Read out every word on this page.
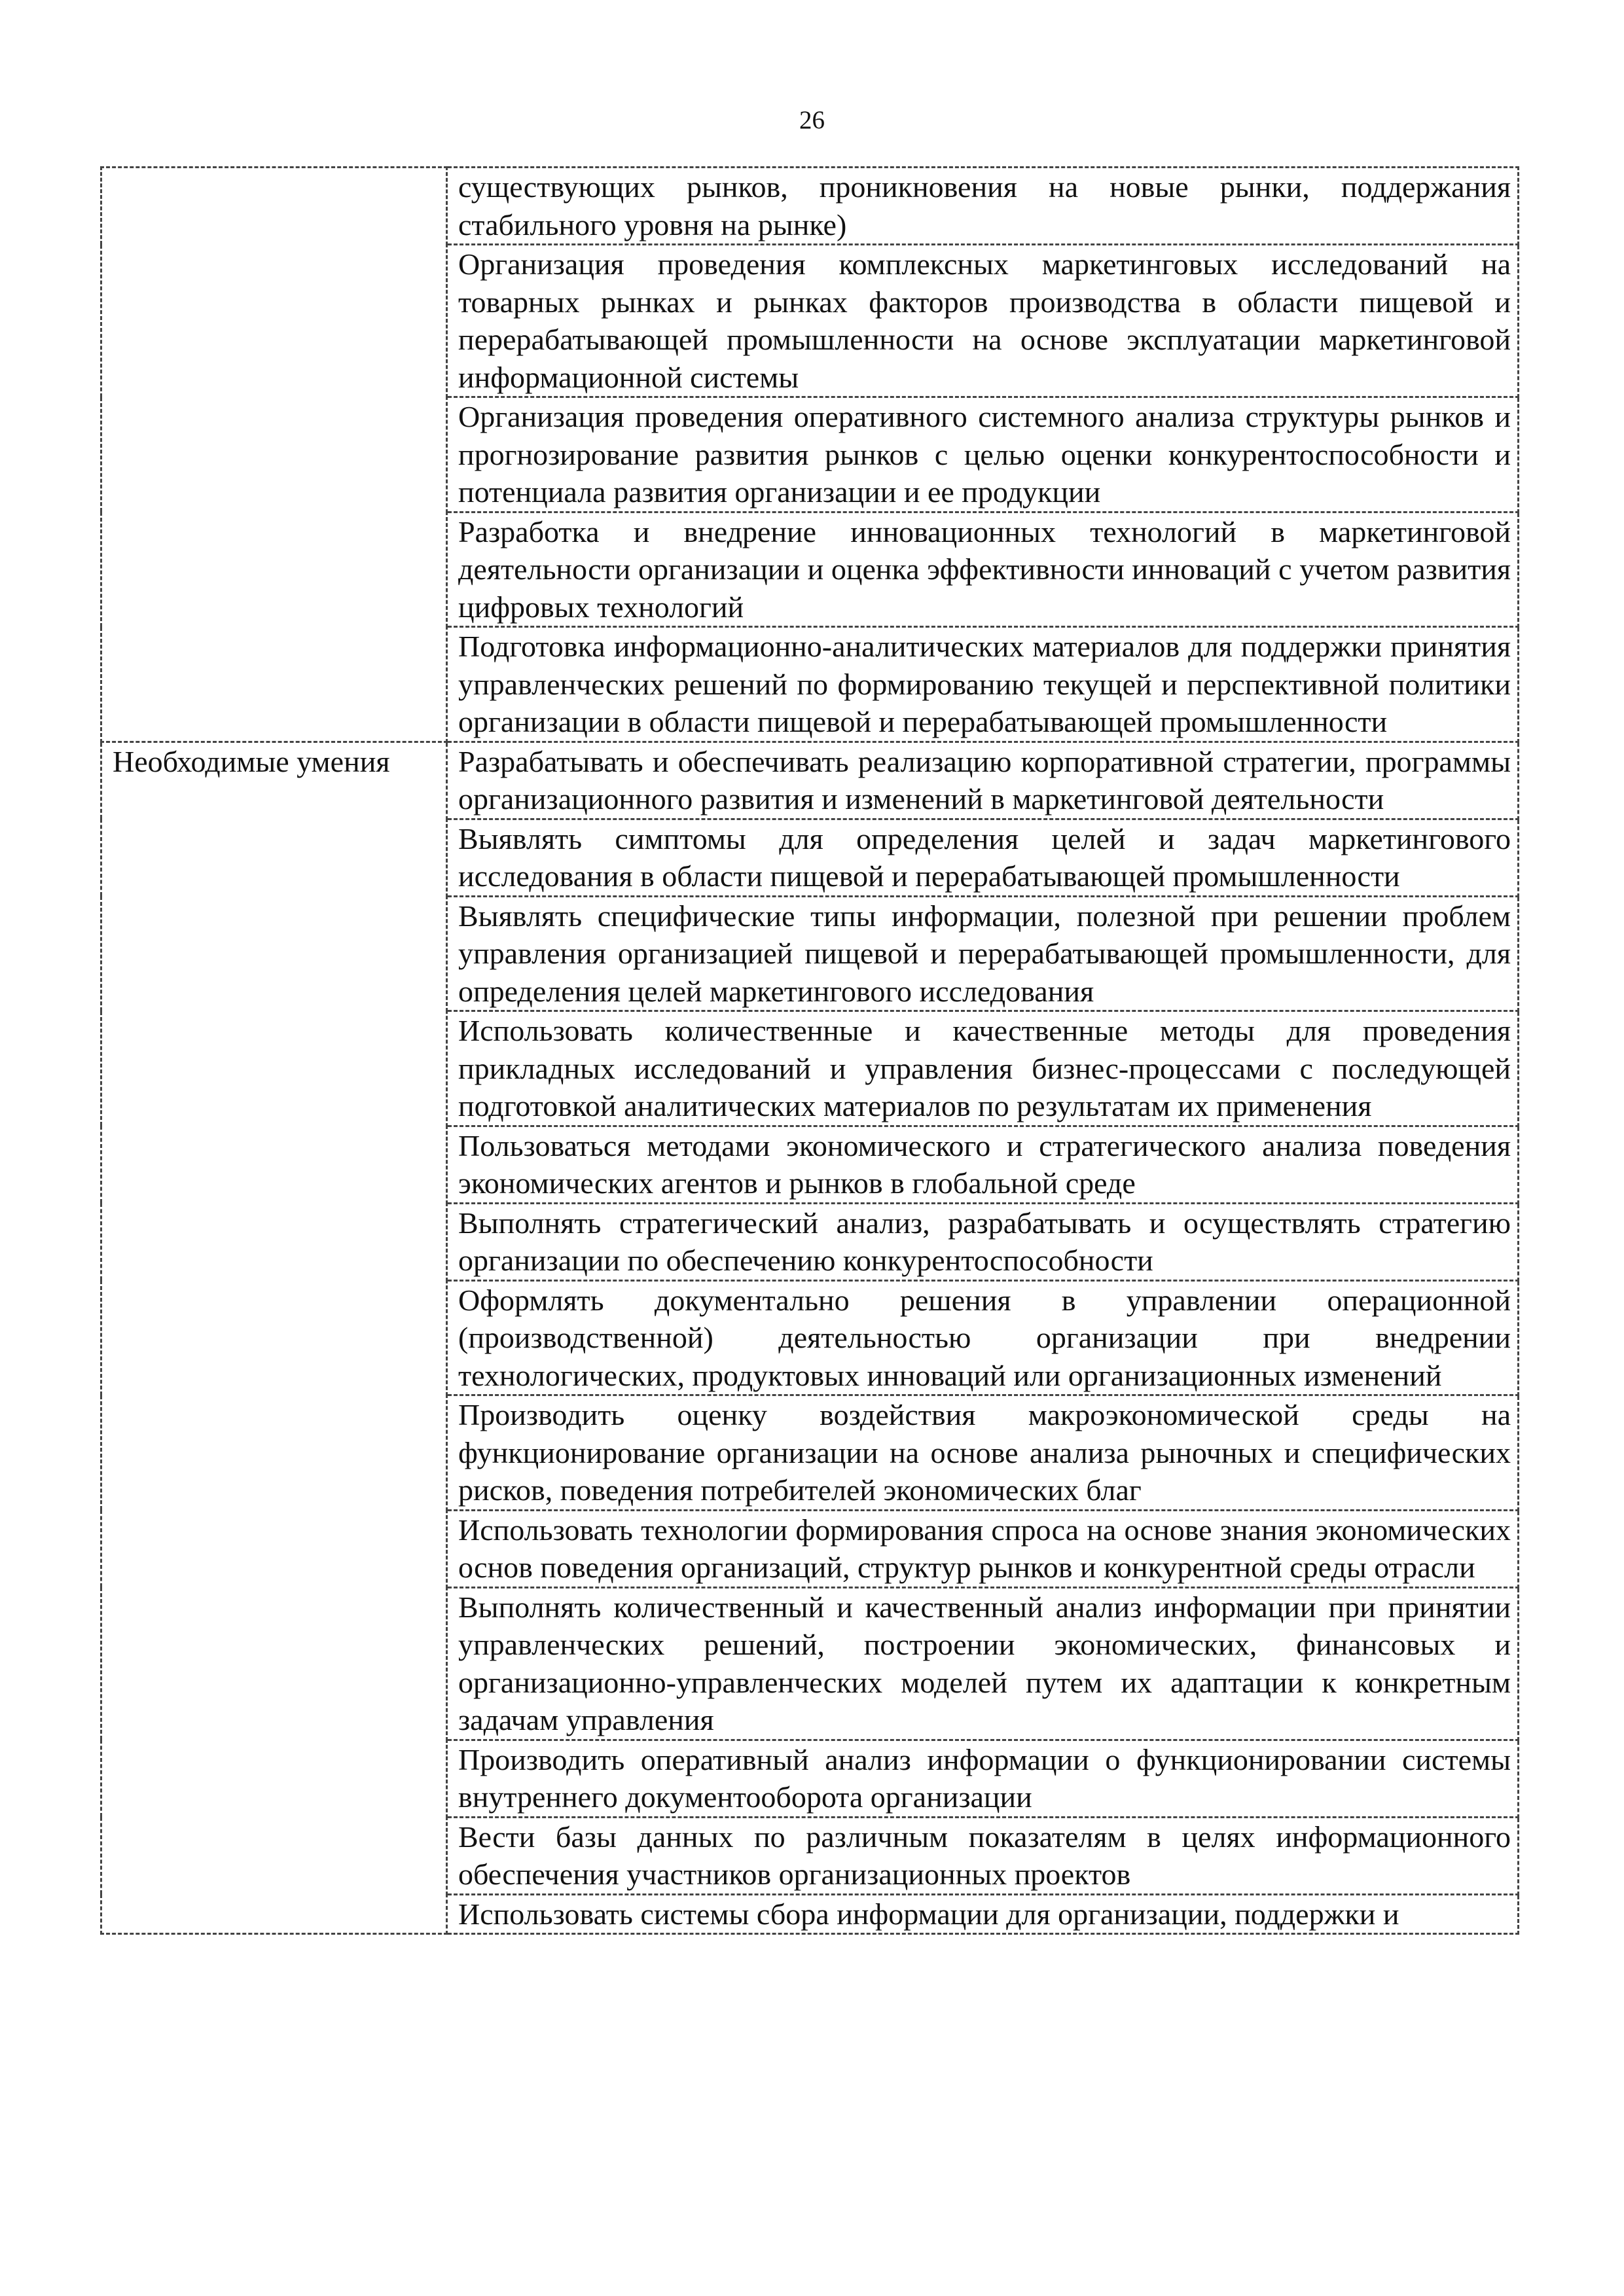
26
	существующих рынков, проникновения на новые рынки, поддержания стабильного уровня на рынке)
	Организация проведения комплексных маркетинговых исследований на товарных рынках и рынках факторов производства в области пищевой и перерабатывающей промышленности на основе эксплуатации маркетинговой информационной системы
	Организация проведения оперативного системного анализа структуры рынков и прогнозирование развития рынков с целью оценки конкурентоспособности и потенциала развития организации и ее продукции
	Разработка и внедрение инновационных технологий в маркетинговой деятельности организации и оценка эффективности инноваций с учетом развития цифровых технологий
	Подготовка информационно-аналитических материалов для поддержки принятия управленческих решений по формированию текущей и перспективной политики организации в области пищевой и перерабатывающей промышленности

Необходимые умения	Разрабатывать и обеспечивать реализацию корпоративной стратегии, программы организационного развития и изменений в маркетинговой деятельности
	Выявлять симптомы для определения целей и задач маркетингового исследования в области пищевой и перерабатывающей промышленности
	Выявлять специфические типы информации, полезной при решении проблем управления организацией пищевой и перерабатывающей промышленности, для определения целей маркетингового исследования
	Использовать количественные и качественные методы для проведения прикладных исследований и управления бизнес-процессами с последующей подготовкой аналитических материалов по результатам их применения
	Пользоваться методами экономического и стратегического анализа поведения экономических агентов и рынков в глобальной среде
	Выполнять стратегический анализ, разрабатывать и осуществлять стратегию организации по обеспечению конкурентоспособности
	Оформлять документально решения в управлении операционной (производственной) деятельностью организации при внедрении технологических, продуктовых инноваций или организационных изменений
	Производить оценку воздействия макроэкономической среды на функционирование организации на основе анализа рыночных и специфических рисков, поведения потребителей экономических благ
	Использовать технологии формирования спроса на основе знания экономических основ поведения организаций, структур рынков и конкурентной среды отрасли
	Выполнять количественный и качественный анализ информации при принятии управленческих решений, построении экономических, финансовых и организационно-управленческих моделей путем их адаптации к конкретным задачам управления
	Производить оперативный анализ информации о функционировании системы внутреннего документооборота организации
	Вести базы данных по различным показателям в целях информационного обеспечения участников организационных проектов
	Использовать системы сбора информации для организации, поддержки и
